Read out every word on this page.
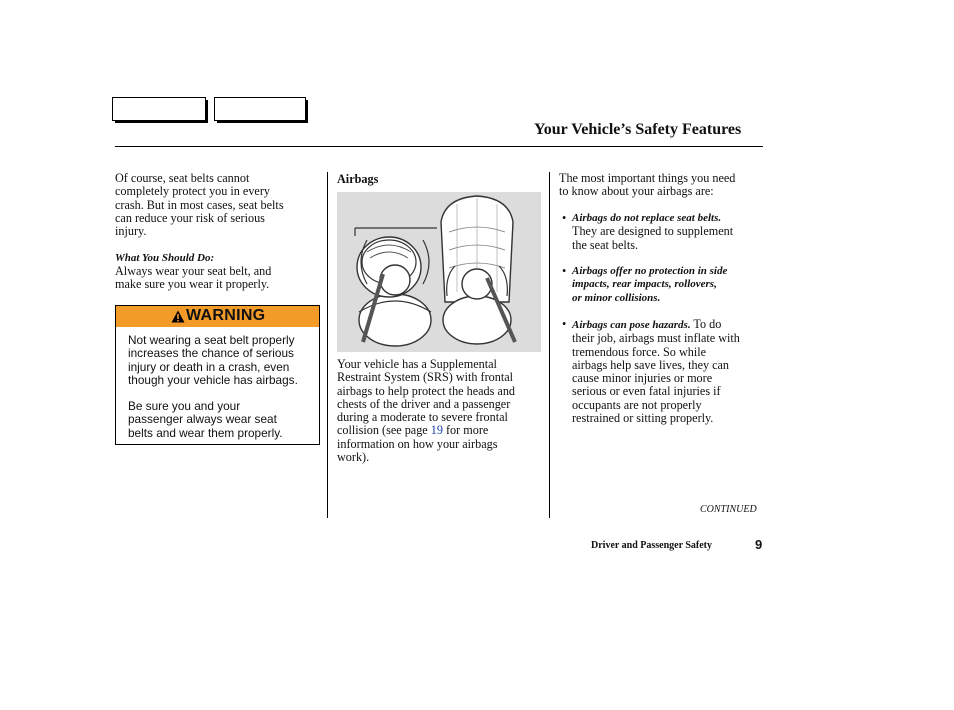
Your Vehicle’s Safety Features

Of course, seat belts cannot

completely protect you in every

crash. But in most cases, seat belts

can reduce your risk of serious

injury.

What You Should Do:

Always wear your seat belt, and

make sure you wear it properly.

WARNING

Not wearing a seat belt properly
increases the chance of serious
injury or death in a crash, even
though your vehicle has airbags.

Be sure you and your
passenger always wear seat
belts and wear them properly.

Airbags

Your vehicle has a Supplemental

Restraint System (SRS) with frontal

airbags to help protect the heads and

chests of the driver and a passenger

during a moderate to severe frontal

collision (see page 19 for more

information on how your airbags

work).

The most important things you need

to know about your airbags are:

• Airbags do not replace seat belts.
They are designed to supplement
the seat belts.
• Airbags offer no protection in side
impacts, rear impacts, rollovers,
or minor collisions.
• Airbags can pose hazards. To do
their job, airbags must inflate with
tremendous force. So while
airbags help save lives, they can
cause minor injuries or more
serious or even fatal injuries if
occupants are not properly
restrained or sitting properly.
CONTINUED
Driver and Passenger Safety	9
